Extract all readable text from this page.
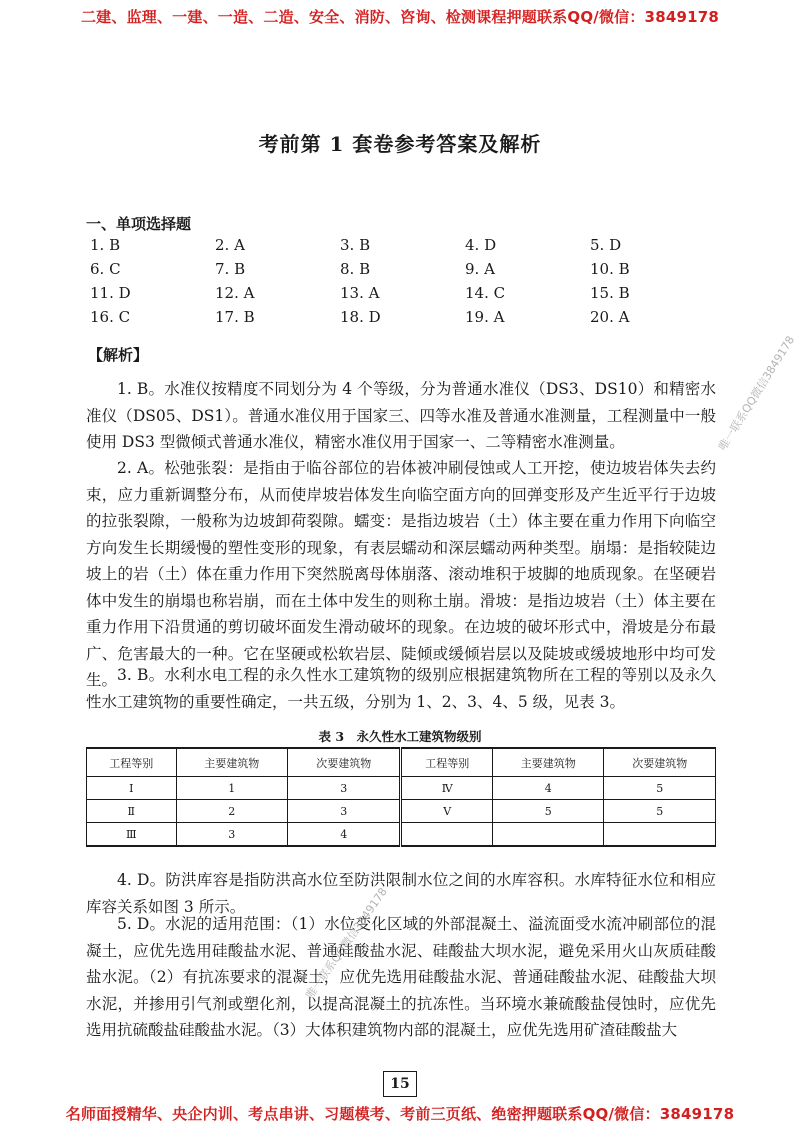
二建、监理、一建、一造、二造、安全、消防、咨询、检测课程押题联系QQ/微信：3849178
考前第 1 套卷参考答案及解析
一、单项选择题
1. B	2. A	3. B	4. D	5. D
6. C	7. B	8. B	9. A	10. B
11. D	12. A	13. A	14. C	15. B
16. C	17. B	18. D	19. A	20. A
【解析】

1. B。水准仪按精度不同划分为 4 个等级，分为普通水准仪（DS3、DS10）和精密水准仪（DS05、DS1）。普通水准仪用于国家三、四等水准及普通水准测量，工程测量中一般使用 DS3 型微倾式普通水准仪，精密水准仪用于国家一、二等精密水准测量。

2. A。松弛张裂：是指由于临谷部位的岩体被冲刷侵蚀或人工开挖，使边坡岩体失去约束，应力重新调整分布，从而使岸坡岩体发生向临空面方向的回弹变形及产生近平行于边坡的拉张裂隙，一般称为边坡卸荷裂隙。蠕变：是指边坡岩（土）体主要在重力作用下向临空方向发生长期缓慢的塑性变形的现象，有表层蠕动和深层蠕动两种类型。崩塌：是指较陡边坡上的岩（土）体在重力作用下突然脱离母体崩落、滚动堆积于坡脚的地质现象。在坚硬岩体中发生的崩塌也称岩崩，而在土体中发生的则称土崩。滑坡：是指边坡岩（土）体主要在重力作用下沿贯通的剪切破坏面发生滑动破坏的现象。在边坡的破坏形式中，滑坡是分布最广、危害最大的一种。它在坚硬或松软岩层、陡倾或缓倾岩层以及陡坡或缓坡地形中均可发生。 3. B。水利水电工程的永久性水工建筑物的级别应根据建筑物所在工程的等别以及永久性水工建筑物的重要性确定，一共五级，分别为 1、2、3、4、5 级，见表 3。

表 3　永久性水工建筑物级别
工程等别	主要建筑物	次要建筑物	工程等别	主要建筑物	次要建筑物
Ⅰ	1	3	Ⅳ	4	5
Ⅱ	2	3	Ⅴ	5	5
Ⅲ	3	4			

4. D。防洪库容是指防洪高水位至防洪限制水位之间的水库容积。水库特征水位和相应库容关系如图 3 所示。

5. D。水泥的适用范围：（1）水位变化区域的外部混凝土、溢流面受水流冲刷部位的混凝土，应优先选用硅酸盐水泥、普通硅酸盐水泥、硅酸盐大坝水泥，避免采用火山灰质硅酸盐水泥。（2）有抗冻要求的混凝土，应优先选用硅酸盐水泥、普通硅酸盐水泥、硅酸盐大坝水泥，并掺用引气剂或塑化剂，以提高混凝土的抗冻性。当环境水兼硫酸盐侵蚀时，应优先选用抗硫酸盐硅酸盐水泥。（3）大体积建筑物内部的混凝土，应优先选用矿渣硅酸盐大

唯一联系QQ微信3849178
唯一联系QQ微信3849178
15
名师面授精华、央企内训、考点串讲、习题模考、考前三页纸、绝密押题联系QQ/微信：3849178
